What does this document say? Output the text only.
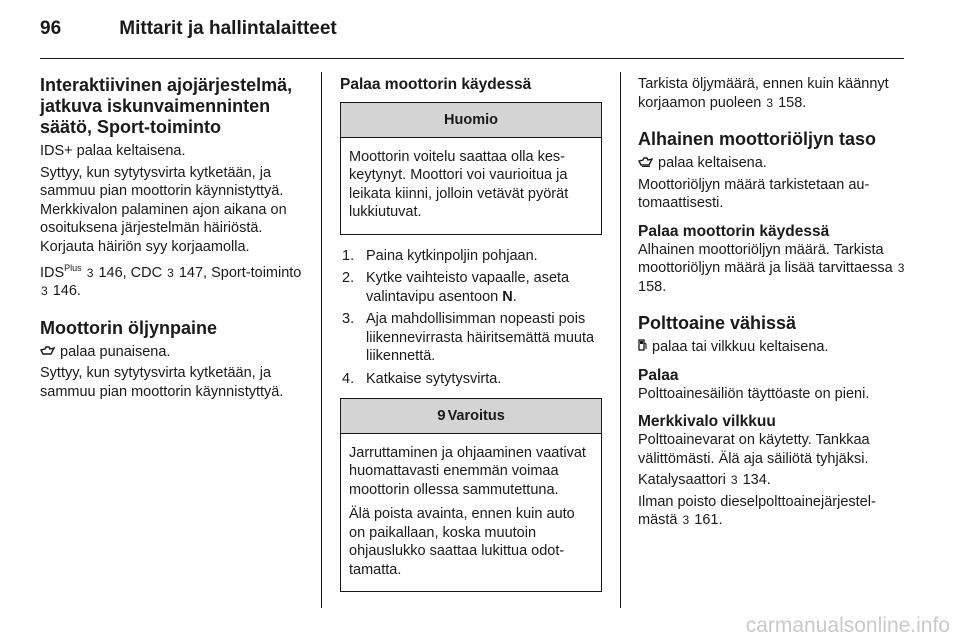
96	Mittarit ja hallintalaitteet
Interaktiivinen ajojärjestelmä, jatkuva iskunvaimenninten säätö, Sport-toiminto

IDS+ palaa keltaisena.

Syttyy, kun sytytysvirta kytketään, ja sammuu pian moottorin käynnistyttyä. Merkkivalon palaminen ajon aikana on osoituksena järjestelmän häiriöstä. Korjauta häiriön syy korjaamolla.

$IDS^{Plus}$ 3 146, CDC 3 147, Sport-toiminto 3 146.

Moottorin öljynpaine

palaa punaisena.

Syttyy, kun sytytysvirta kytketään, ja sammuu pian moottorin käynnistyttyä.

Palaa moottorin käydessä
Huomio

Moottorin voitelu saattaa olla keskeytynyt. Moottori voi vaurioitua ja leikata kiinni, jolloin vetävät pyörät lukkiutuvat.

1. Paina kytkinpoljin pohjaan.
2. Kytke vaihteisto vapaalle, aseta valintavipu asentoon N.
3. Aja mahdollisimman nopeasti pois liikennevirrasta häiritsemättä muuta liikennettä.
4. Katkaise sytytysvirta.
9 Varoitus

Jarruttaminen ja ohjaaminen vaativat huomattavasti enemmän voimaa moottorin ollessa sammutettuna.

Älä poista avainta, ennen kuin auto on paikallaan, koska muutoin ohjauslukko saattaa lukittua odottamatta.

Tarkista öljymäärä, ennen kuin käännyt korjaamon puoleen 3 158.

Alhainen moottoriöljyn taso

palaa keltaisena.

Moottoriöljyn määrä tarkistetaan automaattisesti.

Palaa moottorin käydessä

Alhainen moottoriöljyn määrä. Tarkista moottoriöljyn määrä ja lisää tarvittaessa 3 158.

Polttoaine vähissä

palaa tai vilkkuu keltaisena.

Palaa

Polttoainesäiliön täyttöaste on pieni.

Merkkivalo vilkkuu

Polttoainevarat on käytetty. Tankkaa välittömästi. Älä aja säiliötä tyhjäksi.

Katalysaattori 3 134.

Ilman poisto dieselpolttoainejärjestelmästä 3 161.

carmanualsonline.info
